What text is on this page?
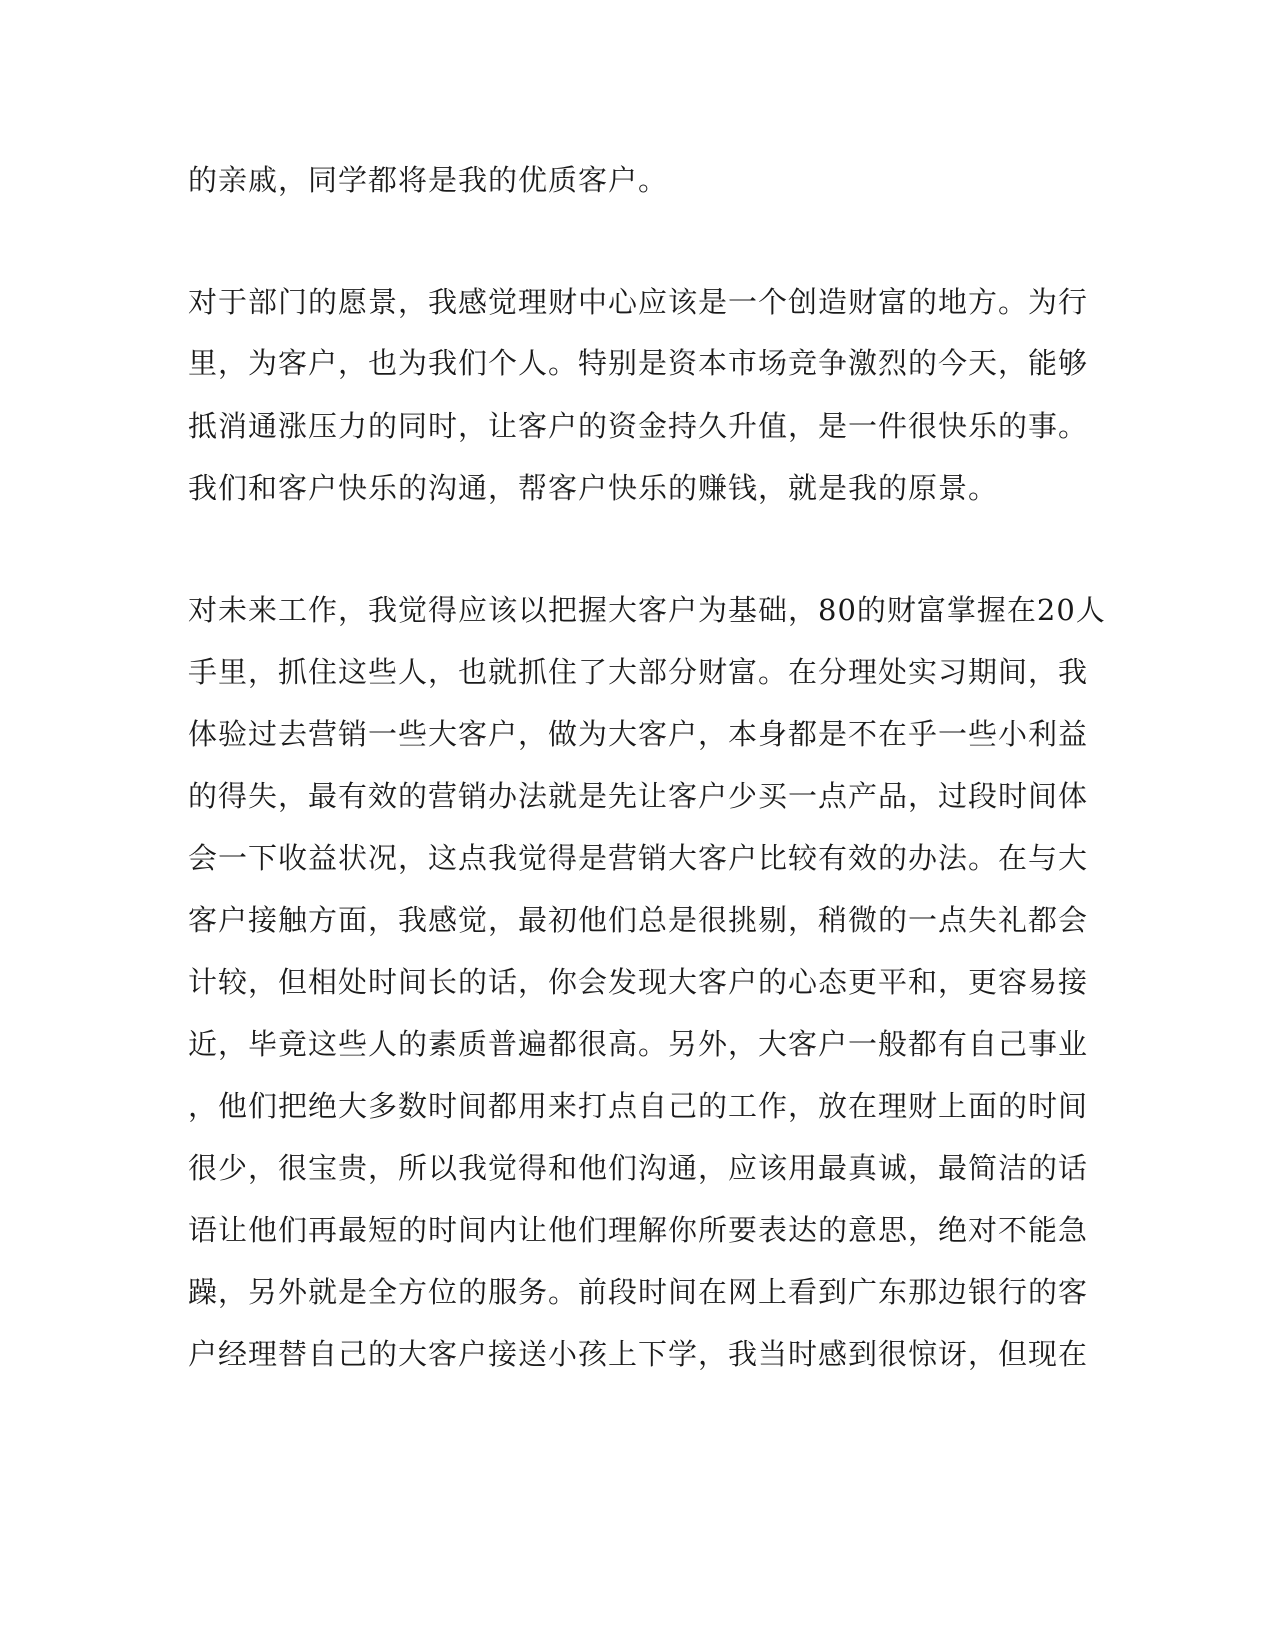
的亲戚，同学都将是我的优质客户。
对于部门的愿景，我感觉理财中心应该是一个创造财富的地方。为行
里，为客户，也为我们个人。特别是资本市场竞争激烈的今天，能够
抵消通涨压力的同时，让客户的资金持久升值，是一件很快乐的事。
我们和客户快乐的沟通，帮客户快乐的赚钱，就是我的原景。
对未来工作，我觉得应该以把握大客户为基础，80的财富掌握在20人
手里，抓住这些人，也就抓住了大部分财富。在分理处实习期间，我
体验过去营销一些大客户，做为大客户，本身都是不在乎一些小利益
的得失，最有效的营销办法就是先让客户少买一点产品，过段时间体
会一下收益状况，这点我觉得是营销大客户比较有效的办法。在与大
客户接触方面，我感觉，最初他们总是很挑剔，稍微的一点失礼都会
计较，但相处时间长的话，你会发现大客户的心态更平和，更容易接
近，毕竟这些人的素质普遍都很高。另外，大客户一般都有自己事业
，他们把绝大多数时间都用来打点自己的工作，放在理财上面的时间
很少，很宝贵，所以我觉得和他们沟通，应该用最真诚，最简洁的话
语让他们再最短的时间内让他们理解你所要表达的意思，绝对不能急
躁，另外就是全方位的服务。前段时间在网上看到广东那边银行的客
户经理替自己的大客户接送小孩上下学，我当时感到很惊讶，但现在
